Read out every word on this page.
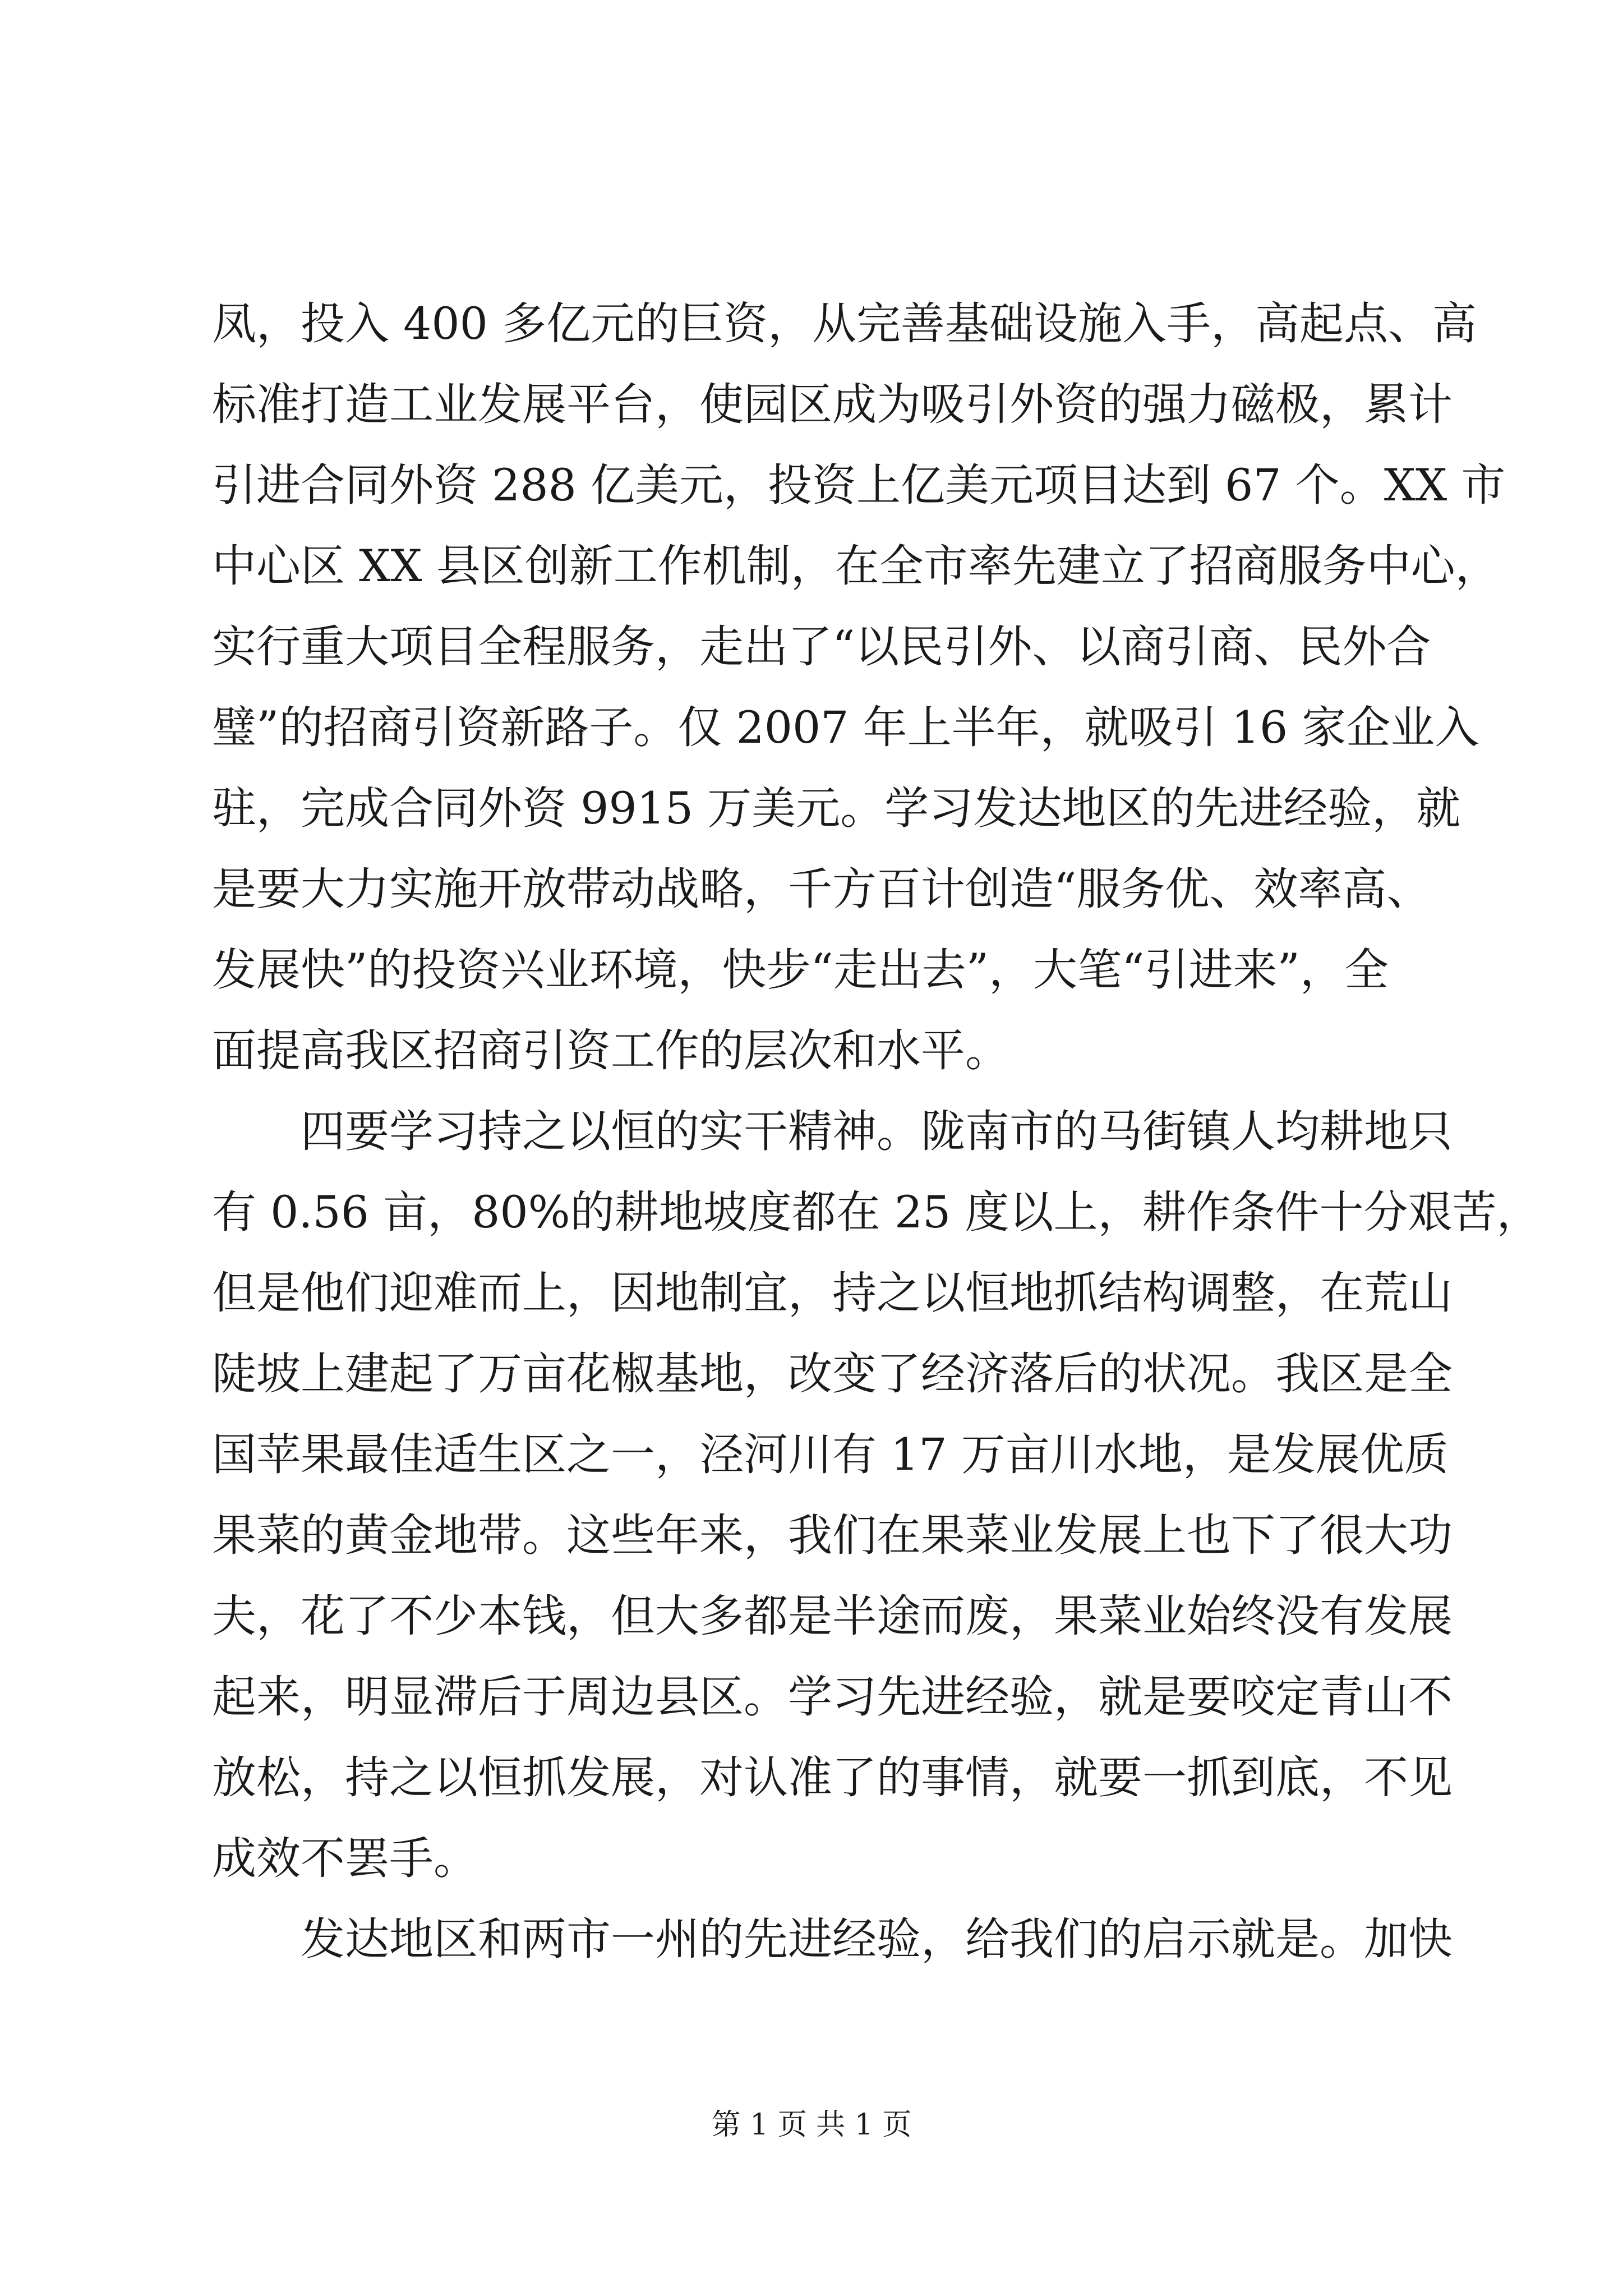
凤，投入 400 多亿元的巨资，从完善基础设施入手，高起点、高
标准打造工业发展平台，使园区成为吸引外资的强力磁极，累计
引进合同外资 288 亿美元，投资上亿美元项目达到 67 个。XX 市
中心区 XX 县区创新工作机制，在全市率先建立了招商服务中心，
实行重大项目全程服务，走出了“以民引外、以商引商、民外合
璧”的招商引资新路子。仅 2007 年上半年，就吸引 16 家企业入
驻，完成合同外资 9915 万美元。学习发达地区的先进经验，就
是要大力实施开放带动战略，千方百计创造“服务优、效率高、
发展快”的投资兴业环境，快步“走出去”，大笔“引进来”，全
面提高我区招商引资工作的层次和水平。
四要学习持之以恒的实干精神。陇南市的马街镇人均耕地只
有 0.56 亩，80%的耕地坡度都在 25 度以上，耕作条件十分艰苦，
但是他们迎难而上，因地制宜，持之以恒地抓结构调整，在荒山
陡坡上建起了万亩花椒基地，改变了经济落后的状况。我区是全
国苹果最佳适生区之一，泾河川有 17 万亩川水地，是发展优质
果菜的黄金地带。这些年来，我们在果菜业发展上也下了很大功
夫，花了不少本钱，但大多都是半途而废，果菜业始终没有发展
起来，明显滞后于周边县区。学习先进经验，就是要咬定青山不
放松，持之以恒抓发展，对认准了的事情，就要一抓到底，不见
成效不罢手。
发达地区和两市一州的先进经验，给我们的启示就是。加快
第 1 页 共 1 页
